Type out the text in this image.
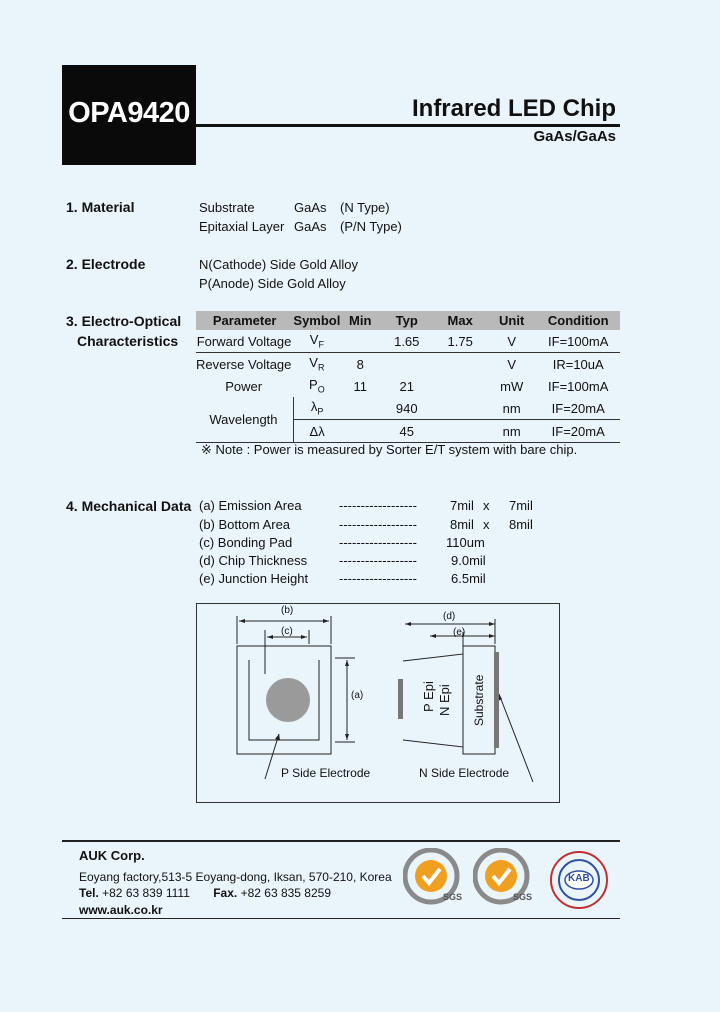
OPA9420	Infrared LED Chip
GaAs/GaAs
1. Material	Substrate	GaAs (N Type)
Epitaxial Layer GaAs (P/N Type)
2. Electrode	N(Cathode) Side Gold Alloy
P(Anode) Side Gold Alloy
3. Electro-Optical
Characteristics
Parameter	Symbol	Min	Typ	Max	Unit	Condition
Forward Voltage	$V_F$		1.65	1.75	V	IF=100mA
Reverse Voltage	$V_R$	8			V	IR=10uA
Power	$P_O$	11	21		mW	IF=100mA
Wavelength	$\lambda_P$		940		nm	IF=20mA
	Δλ		45		nm	IF=20mA
※ Note : Power is measured by Sorter E/T system with bare chip.
4. Mechanical Data (a) Emission Area	------------------	7mil x 7mil
(b) Bottom Area	------------------	8mil x 8mil
(c) Bonding Pad	------------------ 110um
(d) Chip Thickness ------------------	9.0mil
(e) Junction Height ------------------	6.5mil
(b)
(c)
(a)
(d)
(e)
P Epi N Epi Substrate
P Side Electrode	N Side Electrode
AUK Corp.
Eoyang factory,513-5 Eoyang-dong, Iksan, 570-210, Korea
Tel. +82 63 839 1111 Fax. +82 63 835 8259
www.auk.co.kr
SGS	SGS
KAB
